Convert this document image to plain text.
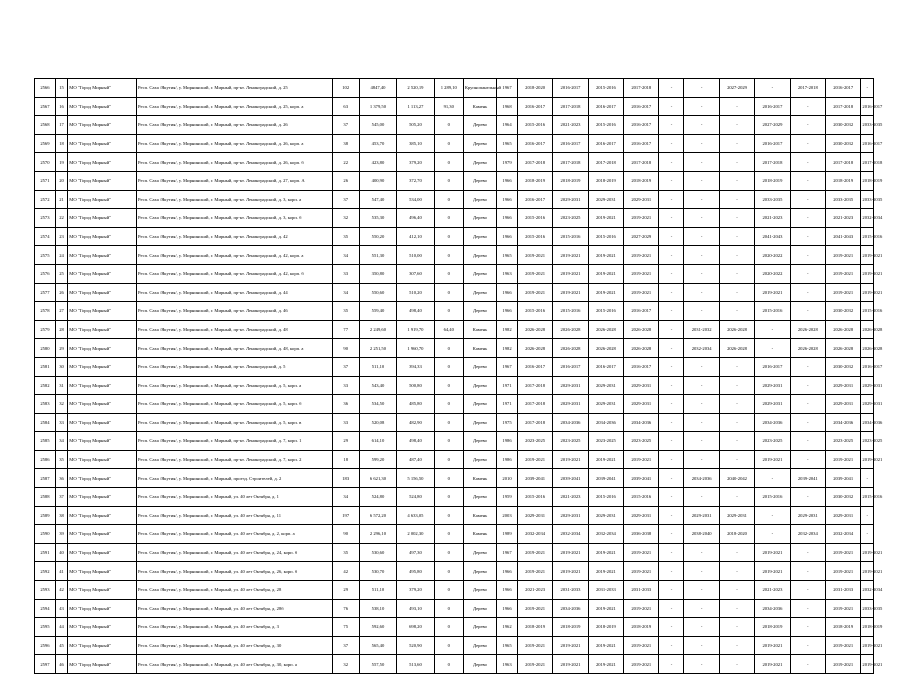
2566	15	МО "Город Мирный"	Респ. Саха /Якутия/, у. Мирнинский, г. Мирный, пр-кт. Ленинградский, д. 25	102	4847,40	2 520,19	1 289,10	Крупнопанельный	1967	2018-2020	2016-2017	2015-2016	2017-2018	-	-	2027-2029	-	2017-2018	2016-2017	-
2567	16	МО "Город Мирный"	Респ. Саха /Якутия/, у. Мирнинский, г. Мирный, пр-кт. Ленинградский, д. 25, корп. а	63	1 379,50	1 113,27	91,30	Камень	1968	2016-2017	2017-2018	2016-2017	2016-2017	-	-	-	2016-2017	-	2017-2018	2016-2017
2568	17	МО "Город Мирный"	Респ. Саха /Якутия/, у. Мирнинский, г. Мирный, пр-кт. Ленинградский, д. 26	37	545,00	505,20	0	Дерево	1964	2015-2016	2021-2023	2015-2016	2016-2017	-	-	-	2027-2029	-	2030-2032	2033-2035
2569	18	МО "Город Мирный"	Респ. Саха /Якутия/, у. Мирнинский, г. Мирный, пр-кт. Ленинградский, д. 26, корп. а	38	453,70	385,10	0	Дерево	1965	2016-2017	2016-2017	2016-2017	2016-2017	-	-	-	2016-2017	-	2030-2032	2016-2017
2570	19	МО "Город Мирный"	Респ. Саха /Якутия/, у. Мирнинский, г. Мирный, пр-кт. Ленинградский, д. 26, корп. б	22	423,80	379,20	0	Дерево	1979	2017-2018	2017-2018	2017-2018	2017-2018	-	-	-	2017-2018	-	2017-2018	2017-2018
2571	20	МО "Город Мирный"	Респ. Саха /Якутия/, у. Мирнинский, г. Мирный, пр-кт. Ленинградский, д. 27, корп. А	26	400,90	372,70	0	Дерево	1966	2018-2019	2018-2019	2018-2019	2018-2019	-	-	-	2018-2019	-	2018-2019	2018-2019
2572	21	МО "Город Мирный"	Респ. Саха /Якутия/, у. Мирнинский, г. Мирный, пр-кт. Ленинградский, д. 3, корп. а	37	547,40	534,00	0	Дерево	1966	2016-2017	2029-2031	2029-2031	2029-2031	-	-	-	2033-2035	-	2033-2035	2033-2035
2573	22	МО "Город Мирный"	Респ. Саха /Якутия/, у. Мирнинский, г. Мирный, пр-кт. Ленинградский, д. 3, корп. б	32	535,30	496,40	0	Дерево	1966	2015-2016	2023-2025	2019-2021	2019-2021	-	-	-	2021-2023	-	2021-2023	2032-2034
2574	23	МО "Город Мирный"	Респ. Саха /Якутия/, у. Мирнинский, г. Мирный, пр-кт. Ленинградский, д. 42	35	550,20	412,10	0	Дерево	1966	2015-2016	2015-2016	2015-2016	2027-2029	-	-	-	2041-2043	-	2041-2043	2015-2016
2575	24	МО "Город Мирный"	Респ. Саха /Якутия/, у. Мирнинский, г. Мирный, пр-кт. Ленинградский, д. 42, корп. а	34	551,30	510,00	0	Дерево	1965	2019-2021	2019-2021	2019-2021	2019-2021	-	-	-	2020-2022	-	2019-2021	2019-2021
2576	25	МО "Город Мирный"	Респ. Саха /Якутия/, у. Мирнинский, г. Мирный, пр-кт. Ленинградский, д. 42, корп. б	33	350,80	307,60	0	Дерево	1963	2019-2021	2019-2021	2019-2021	2019-2021	-	-	-	2020-2022	-	2019-2021	2019-2021
2577	26	МО "Город Мирный"	Респ. Саха /Якутия/, у. Мирнинский, г. Мирный, пр-кт. Ленинградский, д. 44	34	550,60	510,20	0	Дерево	1966	2019-2021	2019-2021	2019-2021	2019-2021	-	-	-	2019-2021	-	2019-2021	2019-2021
2578	27	МО "Город Мирный"	Респ. Саха /Якутия/, у. Мирнинский, г. Мирный, пр-кт. Ленинградский, д. 46	35	559,40	498,40	0	Дерево	1966	2015-2016	2015-2016	2015-2016	2016-2017	-	-	-	2015-2016	-	2030-2032	2015-2016
2579	28	МО "Город Мирный"	Респ. Саха /Якутия/, у. Мирнинский, г. Мирный, пр-кт. Ленинградский, д. 48	77	2 249,60	1 919,70	64,40	Камень	1982	2026-2028	2026-2028	2026-2028	2026-2028	-	2031-2032	2026-2028	-	2026-2028	2026-2028	2026-2028
2580	29	МО "Город Мирный"	Респ. Саха /Якутия/, у. Мирнинский, г. Мирный, пр-кт. Ленинградский, д. 48, корп. а	90	2 251,50	1 960,70	0	Камень	1982	2026-2028	2026-2028	2026-2028	2026-2028	-	2032-2034	2026-2028	-	2026-2028	2026-2028	2026-2028
2581	30	МО "Город Мирный"	Респ. Саха /Якутия/, у. Мирнинский, г. Мирный, пр-кт. Ленинградский, д. 5	37	511,10	394,33	0	Дерево	1967	2016-2017	2016-2017	2016-2017	2016-2017	-	-	-	2016-2017	-	2030-2032	2016-2017
2582	31	МО "Город Мирный"	Респ. Саха /Якутия/, у. Мирнинский, г. Мирный, пр-кт. Ленинградский, д. 5, корп. а	33	543,40	500,80	0	Дерево	1971	2017-2018	2029-2031	2029-2031	2029-2031	-	-	-	2029-2031	-	2029-2031	2029-2031
2583	32	МО "Город Мирный"	Респ. Саха /Якутия/, у. Мирнинский, г. Мирный, пр-кт. Ленинградский, д. 5, корп. б	36	534,50	485,80	0	Дерево	1971	2017-2018	2029-2031	2029-2031	2029-2031	-	-	-	2029-2031	-	2029-2031	2029-2031
2584	33	МО "Город Мирный"	Респ. Саха /Якутия/, у. Мирнинский, г. Мирный, пр-кт. Ленинградский, д. 5, корп. в	33	520,08	482,90	0	Дерево	1975	2017-2018	2034-2036	2034-2036	2034-2036	-	-	-	2034-2036	-	2034-2036	2034-2036
2585	34	МО "Город Мирный"	Респ. Саха /Якутия/, у. Мирнинский, г. Мирный, пр-кт. Ленинградский, д. 7, корп. 1	29	614,10	498,40	0	Дерево	1986	2023-2025	2023-2025	2023-2025	2023-2025	-	-	-	2023-2025	-	2023-2025	2023-2025
2586	35	МО "Город Мирный"	Респ. Саха /Якутия/, у. Мирнинский, г. Мирный, пр-кт. Ленинградский, д. 7, корп. 2	18	599,20	487,40	0	Дерево	1986	2019-2021	2019-2021	2019-2021	2019-2021	-	-	-	2019-2021	-	2019-2021	2019-2021
2587	36	МО "Город Мирный"	Респ. Саха /Якутия/, у. Мирнинский, г. Мирный, проезд. Строителей, д. 2	183	6 621,30	5 156,50	0	Камень	2010	2039-2041	2039-2041	2039-2041	2039-2041	-	2034-2036	2040-2042	-	2039-2041	2039-2041	-
2588	37	МО "Город Мирный"	Респ. Саха /Якутия/, у. Мирнинский, г. Мирный, ул. 40 лет Октября, д. 1	34	524,80	524,80	0	Дерево	1959	2015-2016	2021-2023	2015-2016	2015-2016	-	-	-	2015-2016	-	2030-2032	2015-2016
2589	38	МО "Город Мирный"	Респ. Саха /Якутия/, у. Мирнинский, г. Мирный, ул. 40 лет Октября, д. 11	197	6 572,20	4 633,05	0	Камень	2003	2029-2031	2029-2031	2029-2031	2029-2031	-	2029-2031	2029-2031	-	2029-2031	2029-2031	-
2590	39	МО "Город Мирный"	Респ. Саха /Якутия/, у. Мирнинский, г. Мирный, ул. 40 лет Октября, д. 2, корп. а	90	2 296,10	2 002,30	0	Камень	1989	2032-2034	2032-2034	2032-2034	2036-2038	-	2038-2040	2018-2020	-	2032-2034	2032-2034	-
2591	40	МО "Город Мирный"	Респ. Саха /Якутия/, у. Мирнинский, г. Мирный, ул. 40 лет Октября, д. 24, корп. б	35	530,60	497,30	0	Дерево	1967	2019-2021	2019-2021	2019-2021	2019-2021	-	-	-	2019-2021	-	2019-2021	2019-2021
2592	41	МО "Город Мирный"	Респ. Саха /Якутия/, у. Мирнинский, г. Мирный, ул. 40 лет Октября, д. 26, корп. б	42	530,70	495,80	0	Дерево	1966	2019-2021	2019-2021	2019-2021	2019-2021	-	-	-	2019-2021	-	2019-2021	2019-2021
2593	42	МО "Город Мирный"	Респ. Саха /Якутия/, у. Мирнинский, г. Мирный, ул. 40 лет Октября, д. 28	29	511,10	379,20	0	Дерево	1966	2021-2023	2031-2033	2031-2033	2031-2033	-	-	-	2021-2023	-	2031-2033	2032-2034
2594	43	МО "Город Мирный"	Респ. Саха /Якутия/, у. Мирнинский, г. Мирный, ул. 40 лет Октября, д. 28б	76	538,10	493,10	0	Дерево	1966	2019-2021	2034-2036	2019-2021	2019-2021	-	-	-	2034-2036	-	2019-2021	2033-2035
2595	44	МО "Город Мирный"	Респ. Саха /Якутия/, у. Мирнинский, г. Мирный, ул. 40 лет Октября, д. 3	75	592,60	698,20	0	Дерево	1962	2018-2019	2018-2019	2018-2019	2018-2019	-	-	-	2018-2019	-	2018-2019	2018-2019
2596	45	МО "Город Мирный"	Респ. Саха /Якутия/, у. Мирнинский, г. Мирный, ул. 40 лет Октября, д. 30	37	565,40	520,90	0	Дерево	1965	2019-2021	2019-2021	2019-2021	2019-2021	-	-	-	2019-2021	-	2019-2021	2019-2021
2597	46	МО "Город Мирный"	Респ. Саха /Якутия/, у. Мирнинский, г. Мирный, ул. 40 лет Октября, д. 30, корп. а	32	557,50	513,60	0	Дерево	1963	2019-2021	2019-2021	2019-2021	2019-2021	-	-	-	2019-2021	-	2019-2021	2019-2021
